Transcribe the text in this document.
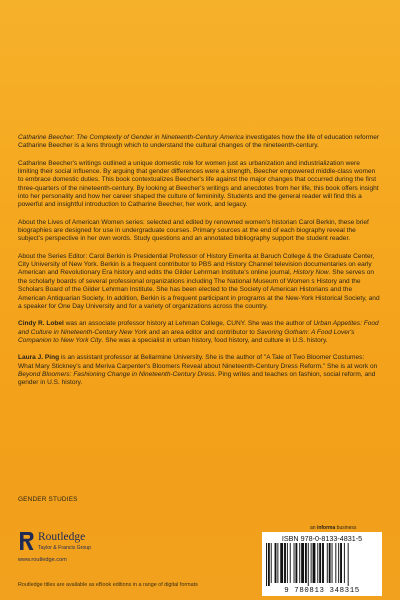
Catharine Beecher: The Complexity of Gender in Nineteenth-Century America investigates how the life of education reformer Catharine Beecher is a lens through which to understand the cultural changes of the nineteenth-century.

Catharine Beecher's writings outlined a unique domestic role for women just as urbanization and industrialization were limiting their social influence. By arguing that gender differences were a strength, Beecher empowered middle-class women to embrace domestic duties. This book contextualizes Beecher's life against the major changes that occurred during the first three-quarters of the nineteenth-century. By looking at Beecher's writings and anecdotes from her life, this book offers insight into her personality and how her career shaped the culture of femininity. Students and the general reader will find this a powerful and insightful introduction to Catharine Beecher, her work, and legacy.

About the Lives of American Women series: selected and edited by renowned women's historian Carol Berkin, these brief biographies are designed for use in undergraduate courses. Primary sources at the end of each biography reveal the subject's perspective in her own words. Study questions and an annotated bibliography support the student reader.

About the Series Editor: Carol Berkin is Presidential Professor of History Emerita at Baruch College & the Graduate Center, City University of New York. Berkin is a frequent contributor to PBS and History Channel television documentaries on early American and Revolutionary Era history and edits the Gilder Lehrman Institute's online journal, History Now. She serves on the scholarly boards of several professional organizations including The National Museum of Women s History and the Scholars Board of the Gilder Lehrman Institute. She has been elected to the Society of American Historians and the American Antiquarian Society. In addition, Berkin is a frequent participant in programs at the New-York Historical Society, and a speaker for One Day University and for a variety of organizations across the country.

Cindy R. Lobel was an associate professor history at Lehman College, CUNY. She was the author of Urban Appetites: Food and Culture in Nineteenth-Century New York and an area editor and contributor to Savoring Gotham: A Food Lover's Companion to New York City. She was a specialist in urban history, food history, and culture in U.S. history.

Laura J. Ping is an assistant professor at Bellarmine University. She is the author of "A Tale of Two Bloomer Costumes: What Mary Stickney's and Meriva Carpenter's Bloomers Reveal about Nineteenth-Century Dress Reform." She is at work on Beyond Bloomers: Fashioning Change in Nineteenth-Century Dress. Ping writes and teaches on fashion, social reform, and gender in U.S. history.

GENDER STUDIES
Routledge
Taylor & Francis Group
www.routledge.com
an informa business
ISBN 978-0-8133-4831-5
9 780813 348315
Routledge titles are available as eBook editions in a range of digital formats
